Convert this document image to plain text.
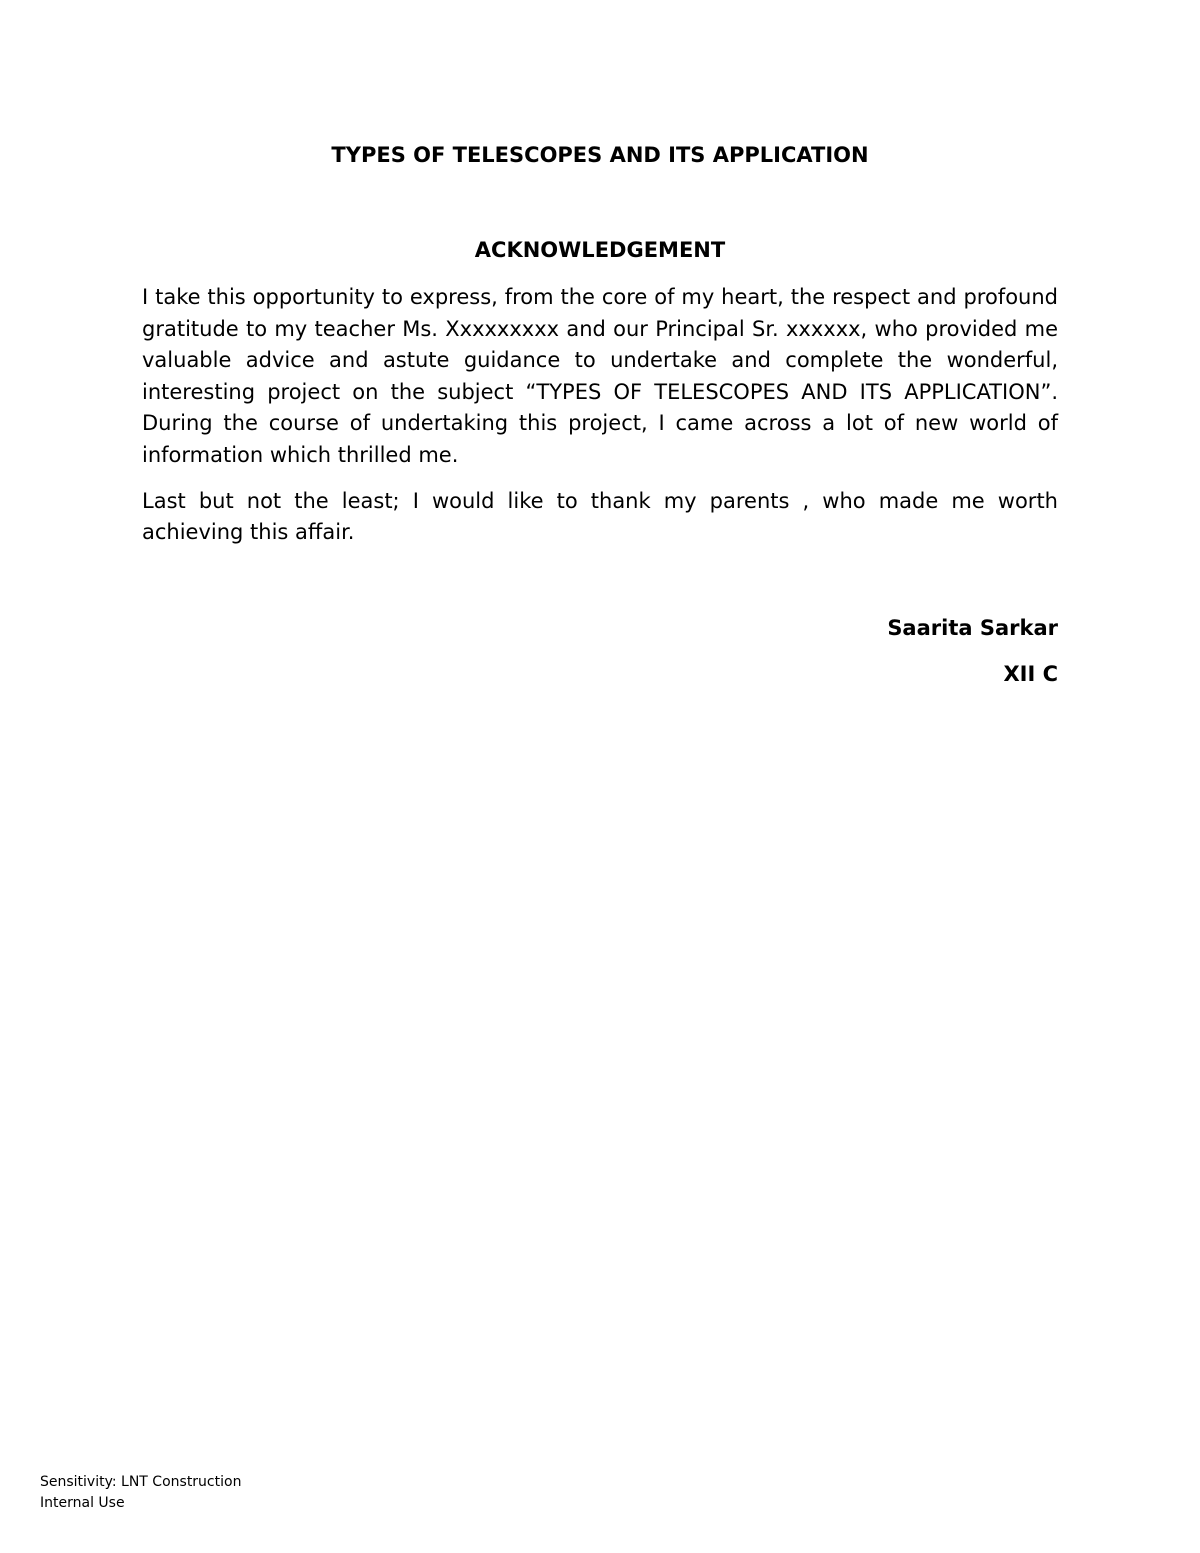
TYPES OF TELESCOPES AND ITS APPLICATION
ACKNOWLEDGEMENT

I take this opportunity to express, from the core of my heart, the respect and profound gratitude to my teacher Ms. Xxxxxxxxx and our Principal Sr. xxxxxx, who provided me valuable advice and astute guidance to undertake and complete the wonderful, interesting project on the subject “TYPES OF TELESCOPES AND ITS APPLICATION”. During the course of undertaking this project, I came across a lot of new world of information which thrilled me.

Last but not the least; I would like to thank my parents , who made me worth achieving this affair.

Saarita Sarkar
XII C
Sensitivity: LNT Construction
Internal Use
